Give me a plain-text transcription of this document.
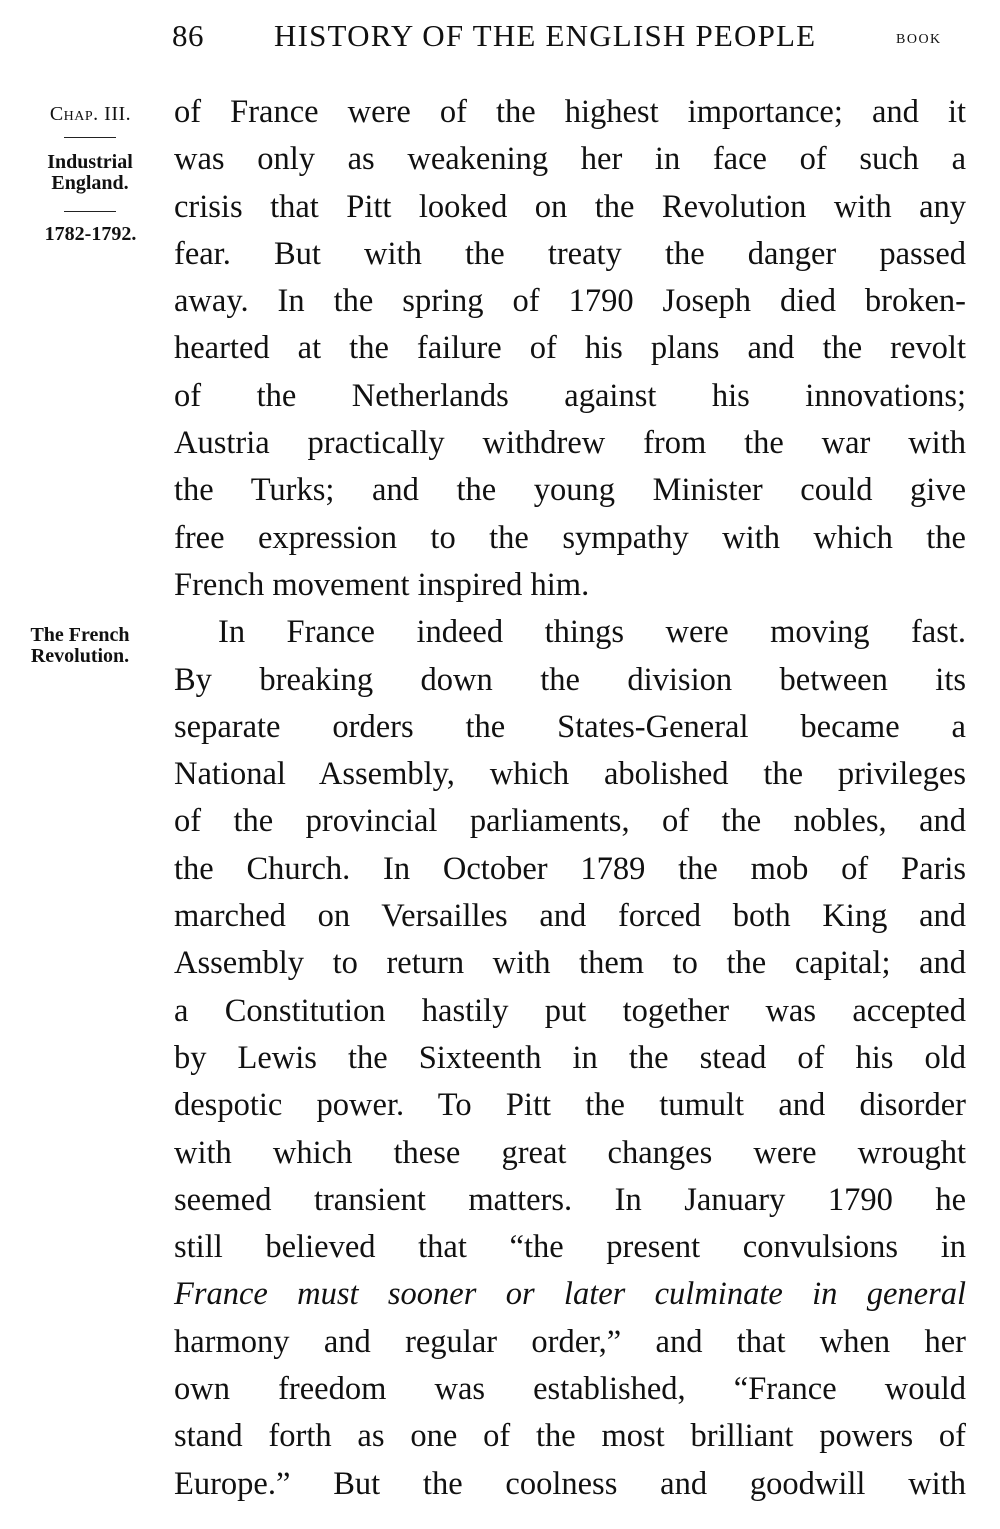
86 HISTORY OF THE ENGLISH PEOPLE	book
Chap. III.
Industrial England.
1782-1792.
The French Revolution.
of France were of the highest importance; and it
was only as weakening her in face of such a
crisis that Pitt looked on the Revolution with any
fear. But with the treaty the danger passed
away. In the spring of 1790 Joseph died broken-
hearted at the failure of his plans and the revolt
of the Netherlands against his innovations;
Austria practically withdrew from the war with
the Turks; and the young Minister could give
free expression to the sympathy with which the
French movement inspired him.
In France indeed things were moving fast.
By breaking down the division between its
separate orders the States-General became a
National Assembly, which abolished the privileges
of the provincial parliaments, of the nobles, and
the Church. In October 1789 the mob of Paris
marched on Versailles and forced both King and
Assembly to return with them to the capital; and
a Constitution hastily put together was accepted
by Lewis the Sixteenth in the stead of his old
despotic power. To Pitt the tumult and disorder
with which these great changes were wrought
seemed transient matters. In January 1790 he
still believed that “the present convulsions in
France must sooner or later culminate in general
harmony and regular order,” and that when her
own freedom was established, “France would
stand forth as one of the most brilliant powers of
Europe.” But the coolness and goodwill with
